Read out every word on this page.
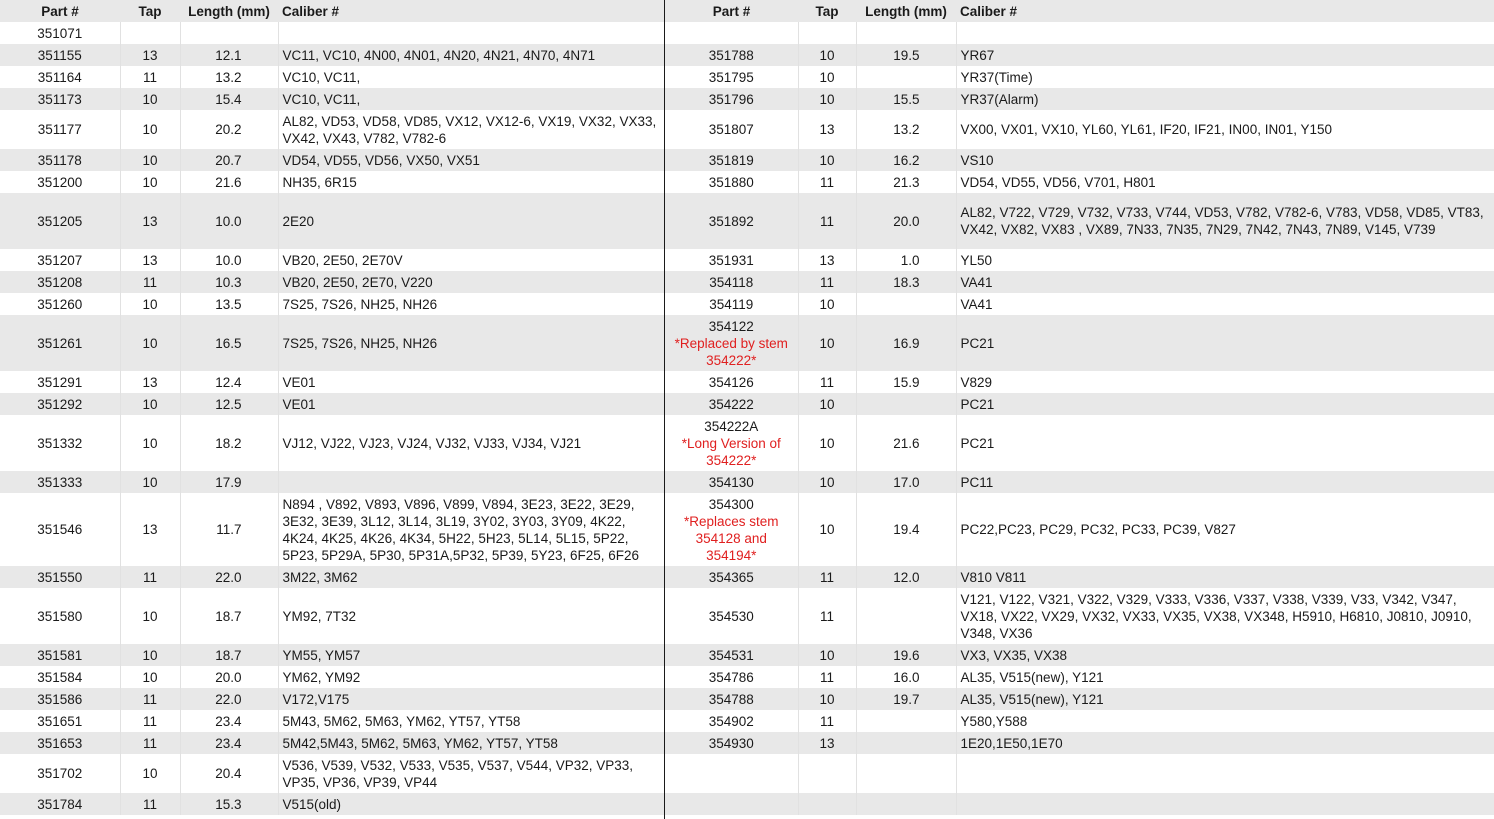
Part #	Tap	Length (mm)	Caliber #
351071			
351155	13	12.1	VC11, VC10, 4N00, 4N01, 4N20, 4N21, 4N70, 4N71
351164	11	13.2	VC10, VC11,
351173	10	15.4	VC10, VC11,
351177	10	20.2	AL82, VD53, VD58, VD85, VX12, VX12-6, VX19, VX32, VX33, VX42, VX43, V782, V782-6
351178	10	20.7	VD54, VD55, VD56, VX50, VX51
351200	10	21.6	NH35, 6R15
351205	13	10.0	2E20
351207	13	10.0	VB20, 2E50, 2E70V
351208	11	10.3	VB20, 2E50, 2E70, V220
351260	10	13.5	7S25, 7S26, NH25, NH26
351261	10	16.5	7S25, 7S26, NH25, NH26
351291	13	12.4	VE01
351292	10	12.5	VE01
351332	10	18.2	VJ12, VJ22, VJ23, VJ24, VJ32, VJ33, VJ34, VJ21
351333	10	17.9	
351546	13	11.7	N894 , V892, V893, V896, V899, V894, 3E23, 3E22, 3E29, 3E32, 3E39, 3L12, 3L14, 3L19, 3Y02, 3Y03, 3Y09, 4K22, 4K24, 4K25, 4K26, 4K34, 5H22, 5H23, 5L14, 5L15, 5P22, 5P23, 5P29A, 5P30, 5P31A,5P32, 5P39, 5Y23, 6F25, 6F26
351550	11	22.0	3M22, 3M62
351580	10	18.7	YM92, 7T32
351581	10	18.7	YM55, YM57
351584	10	20.0	YM62, YM92
351586	11	22.0	V172,V175
351651	11	23.4	5M43, 5M62, 5M63, YM62, YT57, YT58
351653	11	23.4	5M42,5M43, 5M62, 5M63, YM62, YT57, YT58
351702	10	20.4	V536, V539, V532, V533, V535, V537, V544, VP32, VP33, VP35, VP36, VP39, VP44
351784	11	15.3	V515(old)
Part #	Tap	Length (mm)	Caliber #

351788	10	19.5	YR67
351795	10		YR37(Time)
351796	10	15.5	YR37(Alarm)
351807	13	13.2	VX00, VX01, VX10, YL60, YL61, IF20, IF21, IN00, IN01, Y150
351819	10	16.2	VS10
351880	11	21.3	VD54, VD55, VD56, V701, H801
351892	11	20.0	AL82, V722, V729, V732, V733, V744, VD53, V782, V782-6, V783, VD58, VD85, VT83, VX42, VX82, VX83 , VX89, 7N33, 7N35, 7N29, 7N42, 7N43, 7N89, V145, V739
351931	13	1.0	YL50
354118	11	18.3	VA41
354119	10		VA41

354122
*Replaced by stem 354222*	10	16.9	PC21
354126	11	15.9	V829
354222	10		PC21

354222A
*Long Version of 354222*	10	21.6	PC21
354130	10	17.0	PC11

354300
*Replaces stem 354128 and 354194*	10	19.4	PC22,PC23, PC29, PC32, PC33, PC39, V827
354365	11	12.0	V810 V811
354530	11		V121, V122, V321, V322, V329, V333, V336, V337, V338, V339, V33, V342, V347, VX18, VX22, VX29, VX32, VX33, VX35, VX38, VX348, H5910, H6810, J0810, J0910, V348, VX36
354531	10	19.6	VX3, VX35, VX38
354786	11	16.0	AL35, V515(new), Y121
354788	10	19.7	AL35, V515(new), Y121
354902	11		Y580,Y588
354930	13		1E20,1E50,1E70
